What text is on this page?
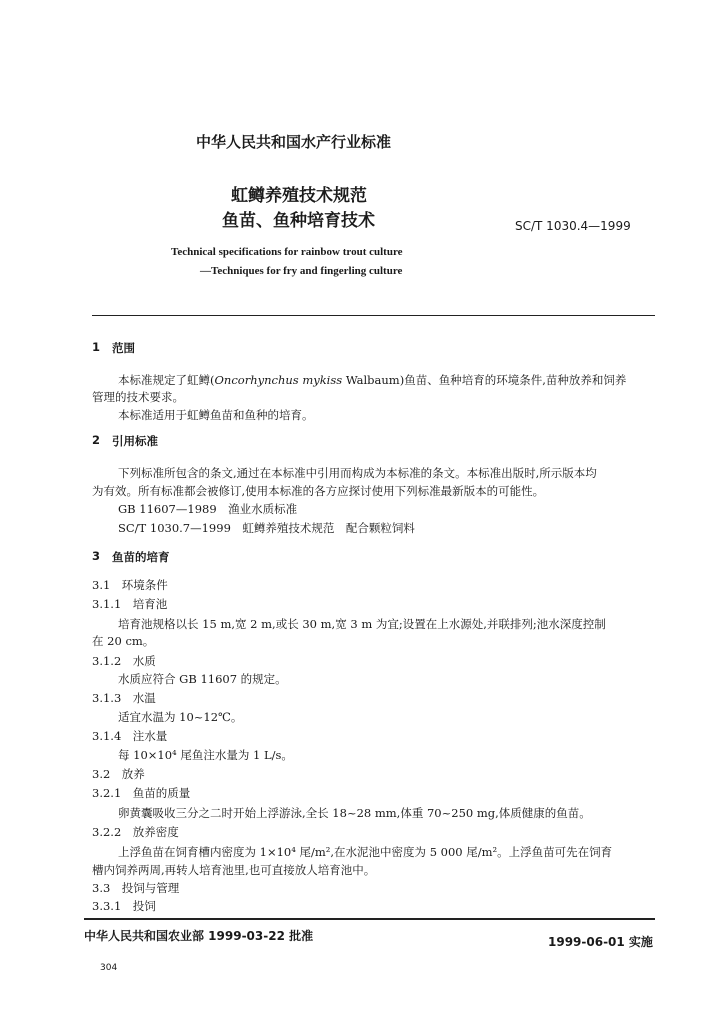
中华人民共和国水产行业标准
虹鳟养殖技术规范
鱼苗、鱼种培育技术	SC/T 1030.4—1999
Technical specifications for rainbow trout culture
—Techniques for fry and fingerling culture
1 范围
本标准规定了虹鳟(Oncorhynchus mykiss Walbaum)鱼苗、鱼种培育的环境条件,苗种放养和饲养
管理的技术要求。
本标准适用于虹鳟鱼苗和鱼种的培育。
2 引用标准
下列标准所包含的条文,通过在本标准中引用而构成为本标准的条文。本标准出版时,所示版本均
为有效。所有标准都会被修订,使用本标准的各方应探讨使用下列标准最新版本的可能性。
GB 11607—1989　渔业水质标准
SC/T 1030.7—1999　虹鳟养殖技术规范　配合颗粒饲料
3 鱼苗的培育
3.1　环境条件
3.1.1　培育池
培育池规格以长 15 m,宽 2 m,或长 30 m,宽 3 m 为宜;设置在上水源处,并联排列;池水深度控制
在 20 cm。
3.1.2　水质
水质应符合 GB 11607 的规定。
3.1.3　水温
适宜水温为 10~12℃。
3.1.4　注水量
每 10×10⁴ 尾鱼注水量为 1 L/s。
3.2　放养
3.2.1　鱼苗的质量
卵黄囊吸收三分之二时开始上浮游泳,全长 18~28 mm,体重 70~250 mg,体质健康的鱼苗。
3.2.2　放养密度
上浮鱼苗在饲育槽内密度为 1×10⁴ 尾/m²,在水泥池中密度为 5 000 尾/m²。上浮鱼苗可先在饲育
槽内饲养两周,再转人培育池里,也可直接放人培育池中。
3.3　投饲与管理
3.3.1　投饲
中华人民共和国农业部 1999-03-22 批准	1999-06-01 实施
304
